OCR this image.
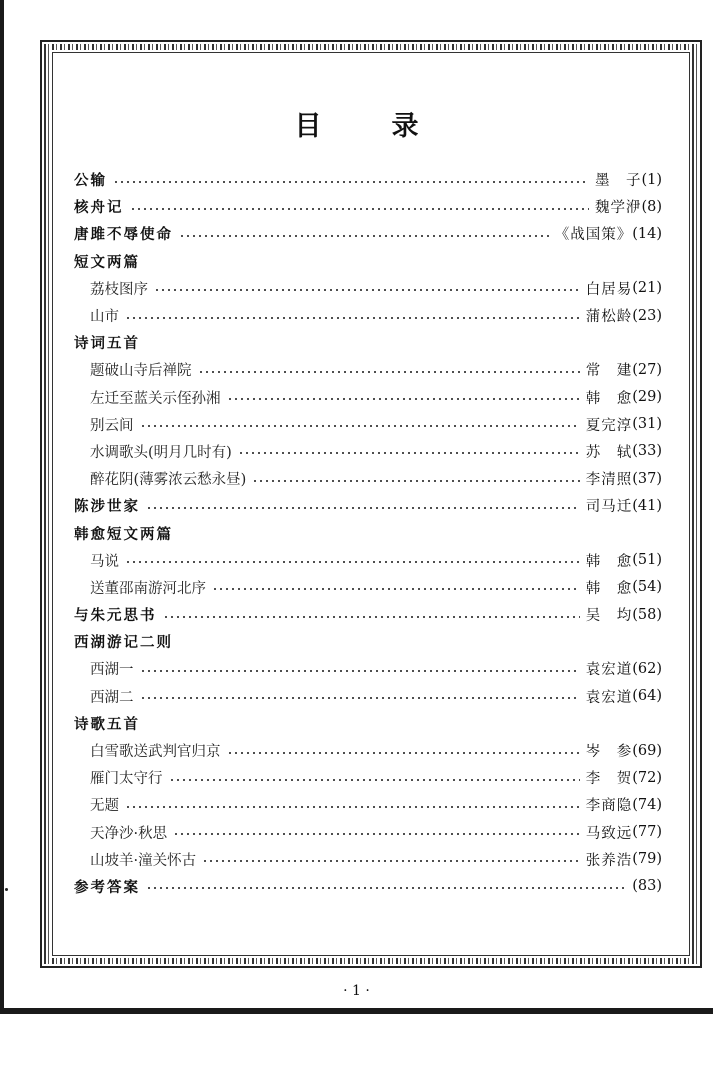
目	录
公输	墨　子 (1)
核舟记	魏学洢 (8)
唐雎不辱使命	《战国策》 (14)
短文两篇
荔枝图序	白居易 (21)
山市	蒲松龄 (23)
诗词五首
题破山寺后禅院	常　建 (27)
左迁至蓝关示侄孙湘	韩　愈 (29)
别云间	夏完淳 (31)
水调歌头(明月几时有)	苏　轼 (33)
醉花阴(薄雾浓云愁永昼)	李清照 (37)
陈涉世家	司马迁 (41)
韩愈短文两篇
马说	韩　愈 (51)
送董邵南游河北序	韩　愈 (54)
与朱元思书	吴　均 (58)
西湖游记二则
西湖一	袁宏道 (62)
西湖二	袁宏道 (64)
诗歌五首
白雪歌送武判官归京	岑　参 (69)
雁门太守行	李　贺 (72)
无题	李商隐 (74)
天净沙·秋思	马致远 (77)
山坡羊·潼关怀古	张养浩 (79)
参考答案	(83)
· 1 ·
